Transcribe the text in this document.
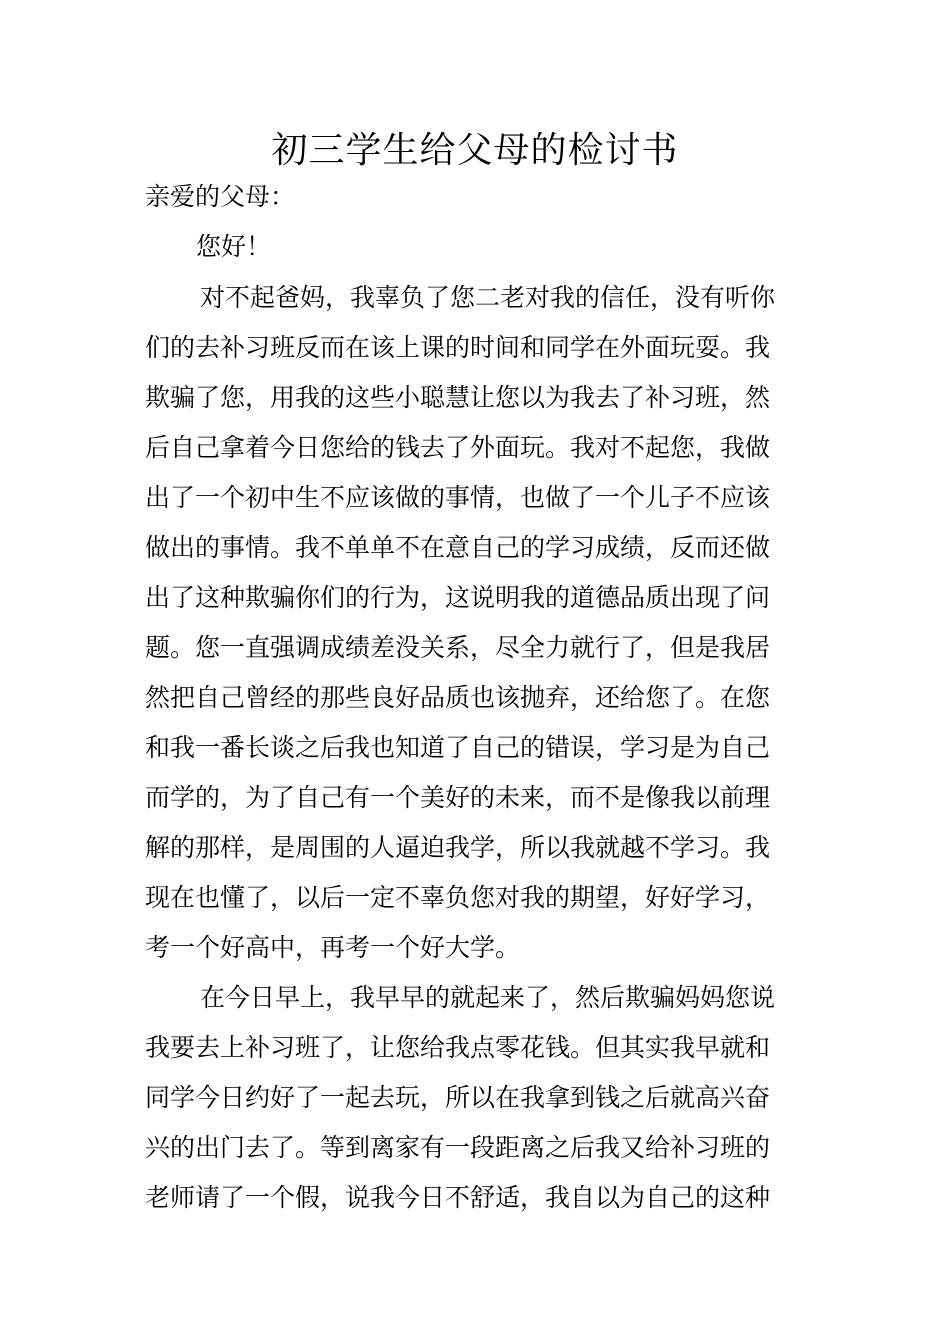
初三学生给父母的检讨书
亲爱的父母：
您好！
对不起爸妈，我辜负了您二老对我的信任，没有听你
们的去补习班反而在该上课的时间和同学在外面玩耍。我
欺骗了您，用我的这些小聪慧让您以为我去了补习班，然
后自己拿着今日您给的钱去了外面玩。我对不起您，我做
出了一个初中生不应该做的事情，也做了一个儿子不应该
做出的事情。我不单单不在意自己的学习成绩，反而还做
出了这种欺骗你们的行为，这说明我的道德品质出现了问
题。您一直强调成绩差没关系，尽全力就行了，但是我居
然把自己曾经的那些良好品质也该抛弃，还给您了。在您
和我一番长谈之后我也知道了自己的错误，学习是为自己
而学的，为了自己有一个美好的未来，而不是像我以前理
解的那样，是周围的人逼迫我学，所以我就越不学习。我
现在也懂了，以后一定不辜负您对我的期望，好好学习，
考一个好高中，再考一个好大学。
在今日早上，我早早的就起来了，然后欺骗妈妈您说
我要去上补习班了，让您给我点零花钱。但其实我早就和
同学今日约好了一起去玩，所以在我拿到钱之后就高兴奋
兴的出门去了。等到离家有一段距离之后我又给补习班的
老师请了一个假，说我今日不舒适，我自以为自己的这种
